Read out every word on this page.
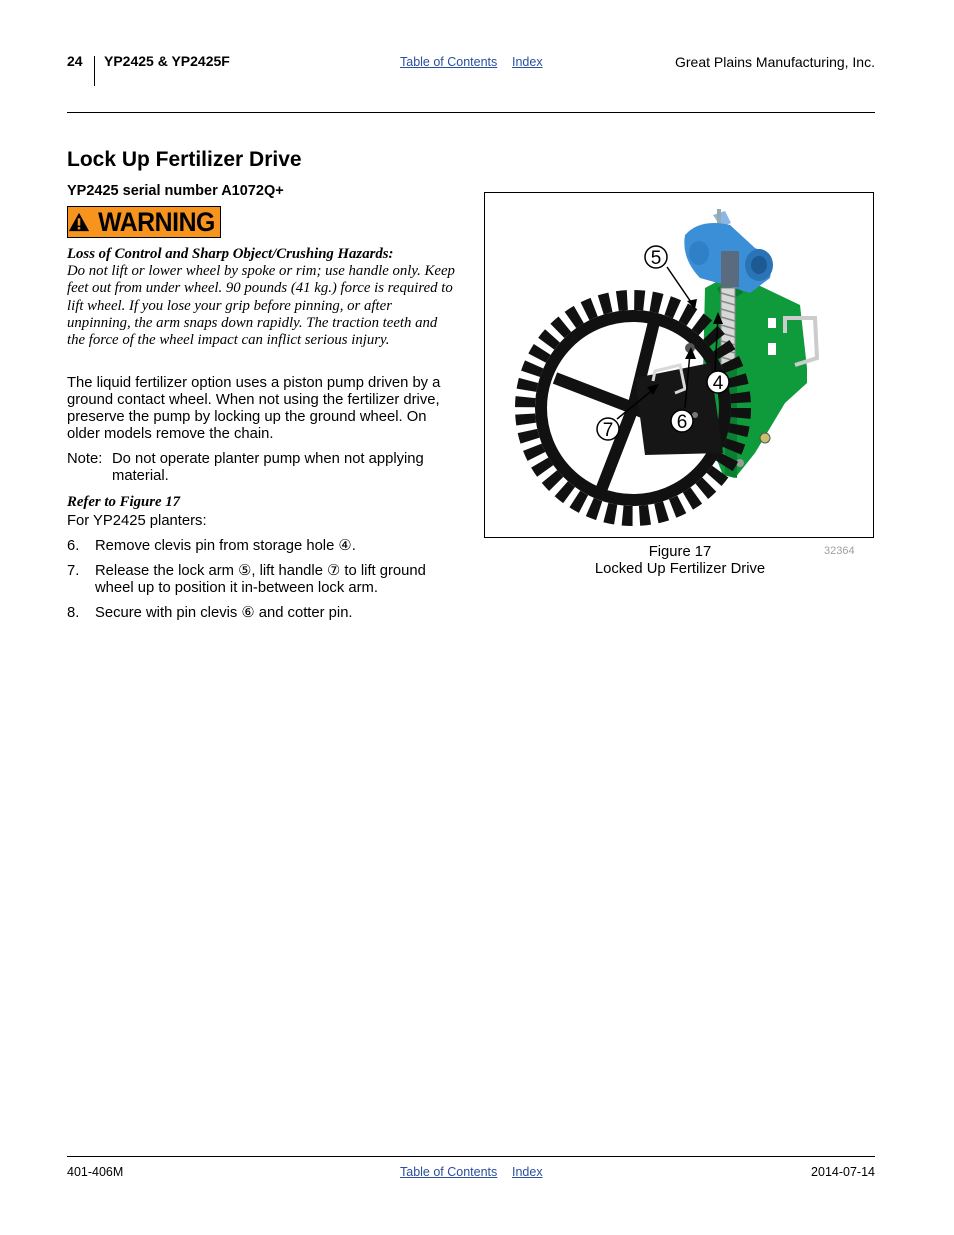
24 YP2425 & YP2425F	Table of Contents Index	Great Plains Manufacturing, Inc.
Lock Up Fertilizer Drive
YP2425 serial number A1072Q+
WARNING
Loss of Control and Sharp Object/Crushing Hazards:
Do not lift or lower wheel by spoke or rim; use handle only. Keep feet out from under wheel. 90 pounds (41 kg.) force is required to lift wheel. If you lose your grip before pinning, or after unpinning, the arm snaps down rapidly. The traction teeth and the force of the wheel impact can inflict serious injury.
The liquid fertilizer option uses a piston pump driven by a ground contact wheel. When not using the fertilizer drive, preserve the pump by locking up the ground wheel. On older models remove the chain.
Note: Do not operate planter pump when not applying material.
Refer to Figure 17
For YP2425 planters:
6. Remove clevis pin from storage hole ④.
7. Release the lock arm ⑤, lift handle ⑦ to lift ground wheel up to position it in-between lock arm.
8. Secure with pin clevis ⑥ and cotter pin.
5
4
6
7
Figure 17
Locked Up Fertilizer Drive
32364
401-406M	Table of Contents Index	2014-07-14
